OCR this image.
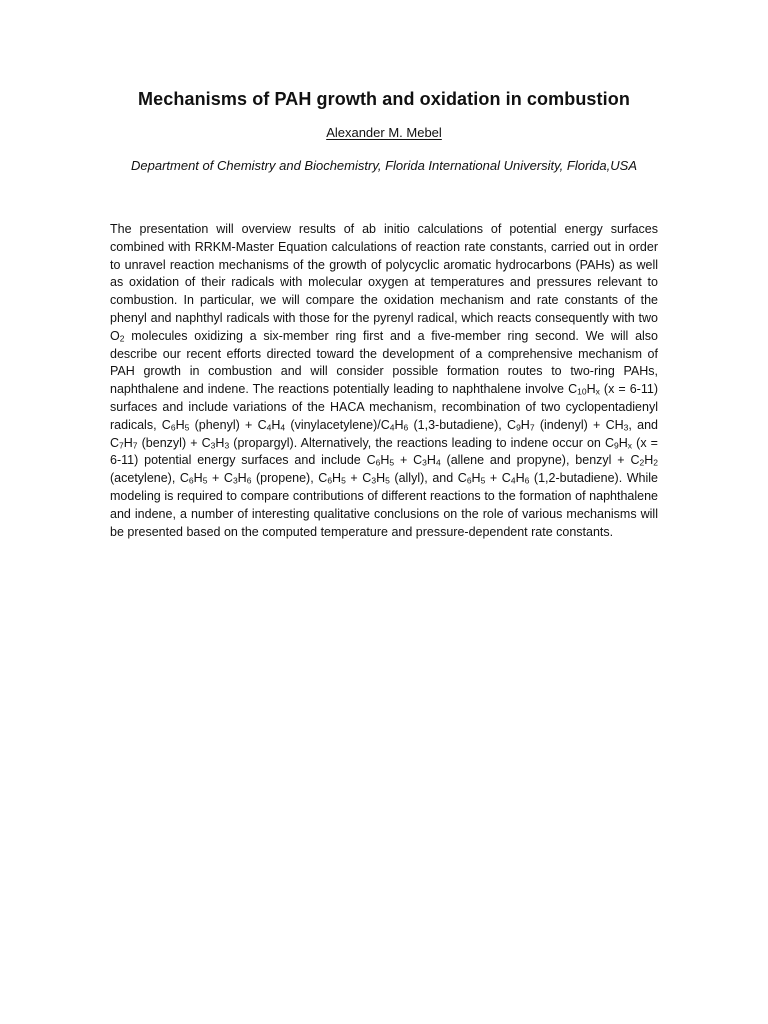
Mechanisms of PAH growth and oxidation in combustion
Alexander M. Mebel
Department of Chemistry and Biochemistry, Florida International University, Florida,USA

The presentation will overview results of ab initio calculations of potential energy surfaces combined with RRKM-Master Equation calculations of reaction rate constants, carried out in order to unravel reaction mechanisms of the growth of polycyclic aromatic hydrocarbons (PAHs) as well as oxidation of their radicals with molecular oxygen at temperatures and pressures relevant to combustion. In particular, we will compare the oxidation mechanism and rate constants of the phenyl and naphthyl radicals with those for the pyrenyl radical, which reacts consequently with two $O_2$ molecules oxidizing a six-member ring first and a five-member ring second. We will also describe our recent efforts directed toward the development of a comprehensive mechanism of PAH growth in combustion and will consider possible formation routes to two-ring PAHs, naphthalene and indene. The reactions potentially leading to naphthalene involve $C_{10}H_x$ (x = 6-11) surfaces and include variations of the HACA mechanism, recombination of two cyclopentadienyl radicals, $C_6H_5$ (phenyl) + $C_4H_4$ $(vinylacetylene)/C_4H_6$ (1,3-butadiene), $C_9H_7$ (indenyl) + $CH_3$, and $C_7H_7$ (benzyl) + $C_3H_3$ (propargyl). Alternatively, the reactions leading to indene occur on $C_9H_x$ (x = 6-11) potential energy surfaces and include $C_6H_5 + C_3H_4$ (allene and propyne), benzyl + $C_2H_2$ (acetylene), $C_6H_5 + C_3H_6$ (propene), $C_6H_5 + C_3H_5$ (allyl), and $C_6H_5 + C_4H_6$ (1,2-butadiene). While modeling is required to compare contributions of different reactions to the formation of naphthalene and indene, a number of interesting qualitative conclusions on the role of various mechanisms will be presented based on the computed temperature and pressure-dependent rate constants.
